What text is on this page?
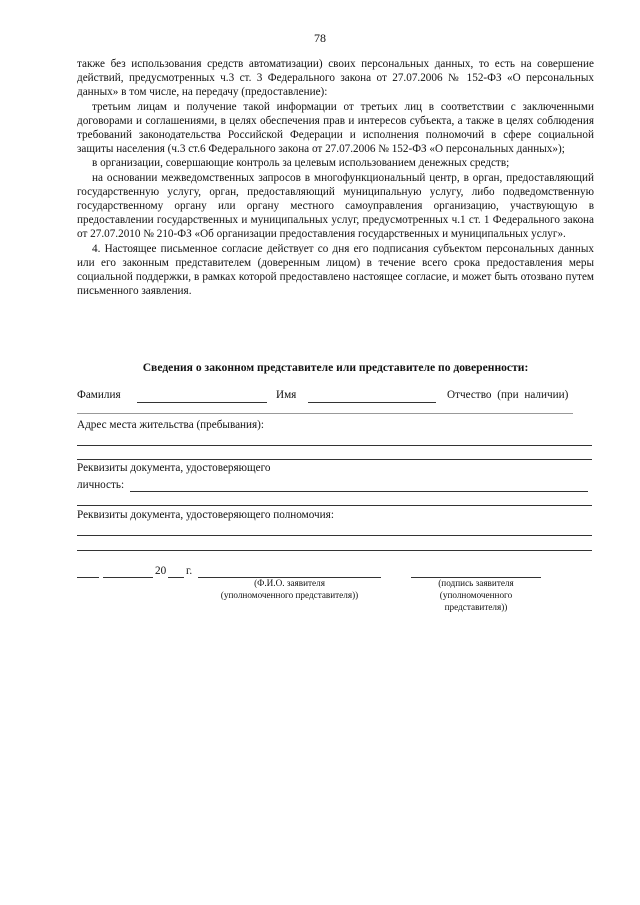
78

также без использования средств автоматизации) своих персональных данных, то есть на совершение действий, предусмотренных ч.3 ст. 3 Федерального закона от 27.07.2006 № 152-ФЗ «О персональных данных» в том числе, на передачу (предоставление):

третьим лицам и получение такой информации от третьих лиц в соответствии с заключенными договорами и соглашениями, в целях обеспечения прав и интересов субъекта, а также в целях соблюдения требований законодательства Российской Федерации и исполнения полномочий в сфере социальной защиты населения (ч.3 ст.6 Федерального закона от 27.07.2006 № 152-ФЗ «О персональных данных»);

в организации, совершающие контроль за целевым использованием денежных средств;

на основании межведомственных запросов в многофункциональный центр, в орган, предоставляющий государственную услугу, орган, предоставляющий муниципальную услугу, либо подведомственную государственному органу или органу местного самоуправления организацию, участвующую в предоставлении государственных и муниципальных услуг, предусмотренных ч.1 ст. 1 Федерального закона от 27.07.2010 № 210-ФЗ «Об организации предоставления государственных и муниципальных услуг».

4. Настоящее письменное согласие действует со дня его подписания субъектом персональных данных или его законным представителем (доверенным лицом) в течение всего срока предоставления меры социальной поддержки, в рамках которой предоставлено настоящее согласие, и может быть отозвано путем письменного заявления.

Сведения о законном представителе или представителе по доверенности:
Фамилия	Имя	Отчество (при наличии)
Адрес места жительства (пребывания):
Реквизиты документа, удостоверяющего
личность:
Реквизиты документа, удостоверяющего полномочия:
20 г.
(Ф.И.О. заявителя
(уполномоченного представителя))
(подпись заявителя
(уполномоченного
представителя))
